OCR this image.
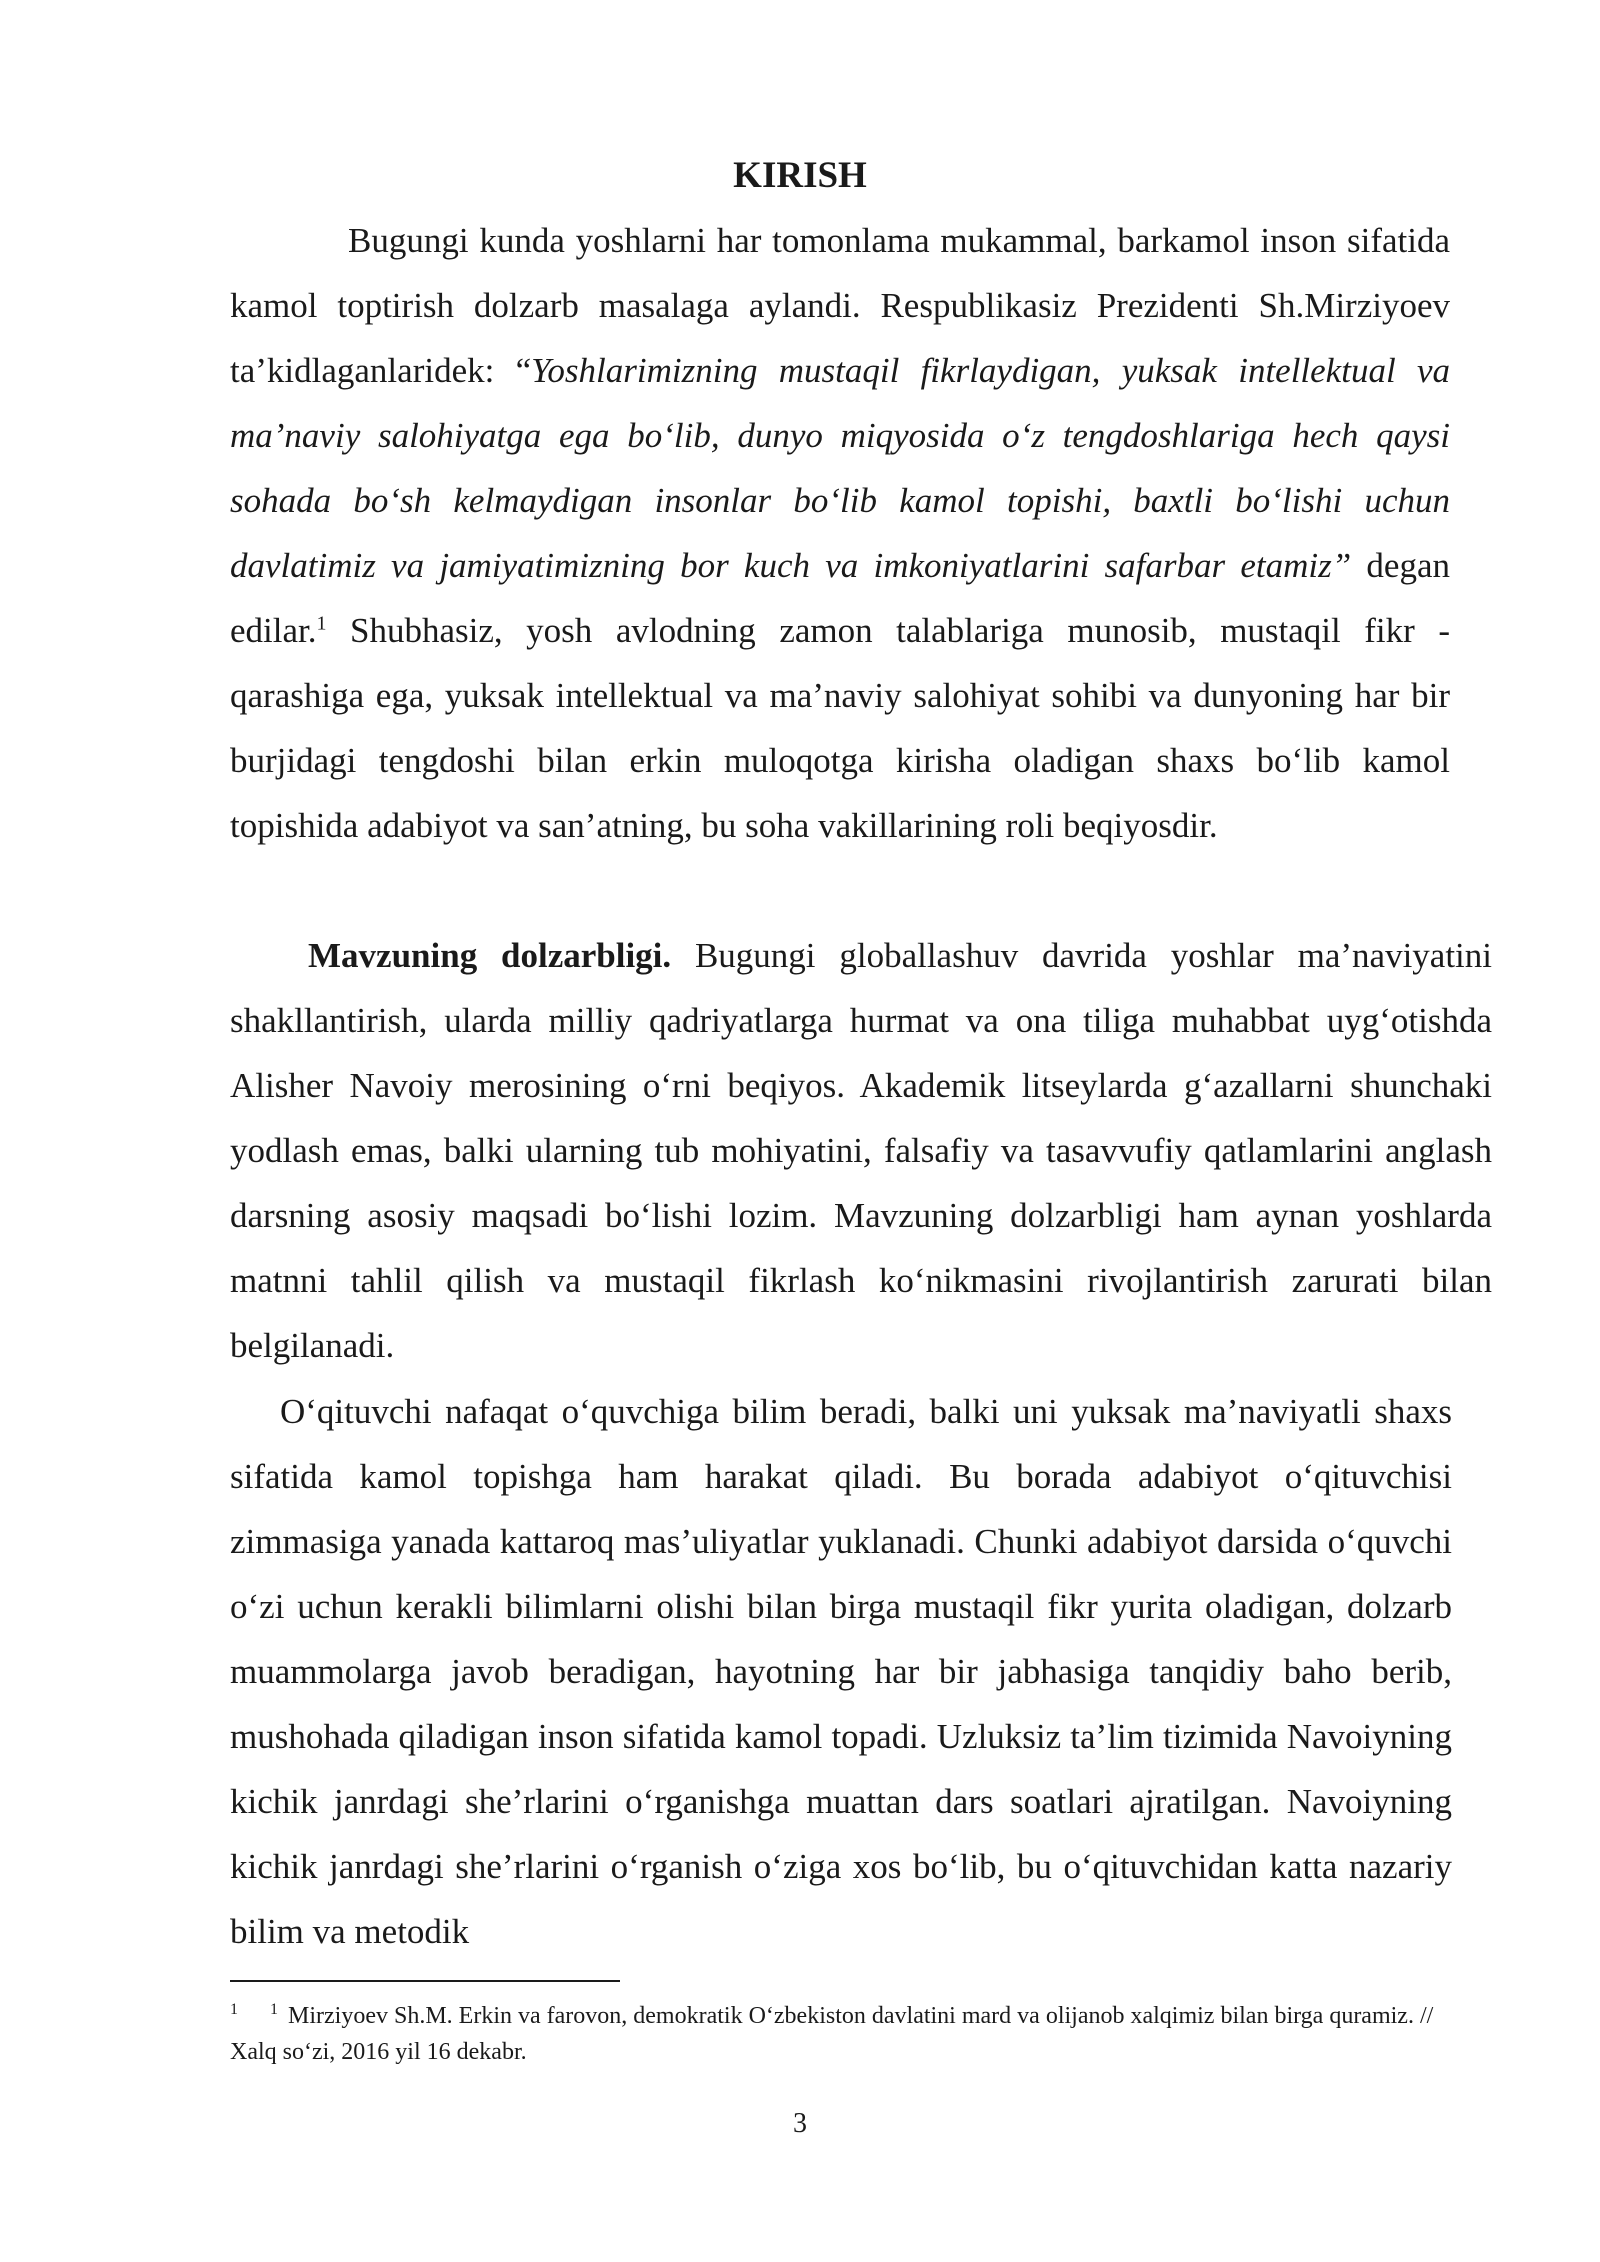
KIRISH

Bugungi kunda yoshlarni har tomonlama mukammal, barkamol inson sifatida kamol toptirish dolzarb masalaga aylandi. Respublikasiz Prezidenti Sh.Mirziyoev ta’kidlaganlaridek: “Yoshlarimizning mustaqil fikrlaydigan, yuksak intellektual va ma’naviy salohiyatga ega bo‘lib, dunyo miqyosida o‘z tengdoshlariga hech qaysi sohada bo‘sh kelmaydigan insonlar bo‘lib kamol topishi, baxtli bo‘lishi uchun davlatimiz va jamiyatimizning bor kuch va imkoniyatlarini safarbar etamiz” degan edilar.$^1$ Shubhasiz, yosh avlodning zamon talablariga munosib, mustaqil fikr - qarashiga ega, yuksak intellektual va ma’naviy salohiyat sohibi va dunyoning har bir burjidagi tengdoshi bilan erkin muloqotga kirisha oladigan shaxs bo‘lib kamol topishida adabiyot va san’atning, bu soha vakillarining roli beqiyosdir.

Mavzuning dolzarbligi. Bugungi globallashuv davrida yoshlar ma’naviyatini shakllantirish, ularda milliy qadriyatlarga hurmat va ona tiliga muhabbat uyg‘otishda Alisher Navoiy merosining o‘rni beqiyos. Akademik litseylarda g‘azallarni shunchaki yodlash emas, balki ularning tub mohiyatini, falsafiy va tasavvufiy qatlamlarini anglash darsning asosiy maqsadi bo‘lishi lozim. Mavzuning dolzarbligi ham aynan yoshlarda matnni tahlil qilish va mustaqil fikrlash ko‘nikmasini rivojlantirish zarurati bilan belgilanadi.

O‘qituvchi nafaqat o‘quvchiga bilim beradi, balki uni yuksak ma’naviyatli shaxs sifatida kamol topishga ham harakat qiladi. Bu borada adabiyot o‘qituvchisi zimmasiga yanada kattaroq mas’uliyatlar yuklanadi. Chunki adabiyot darsida o‘quvchi o‘zi uchun kerakli bilimlarni olishi bilan birga mustaqil fikr yurita oladigan, dolzarb muammolarga javob beradigan, hayotning har bir jabhasiga tanqidiy baho berib, mushohada qiladigan inson sifatida kamol topadi. Uzluksiz ta’lim tizimida Navoiyning kichik janrdagi she’rlarini o‘rganishga muattan dars soatlari ajratilgan. Navoiyning kichik janrdagi she’rlarini o‘rganish o‘ziga xos bo‘lib, bu o‘qituvchidan katta nazariy bilim va metodik

1 $^1$ Mirziyoev Sh.M. Erkin va farovon, demokratik O‘zbekiston davlatini mard va olijanob xalqimiz bilan birga quramiz. // Xalq so‘zi, 2016 yil 16 dekabr.

3
